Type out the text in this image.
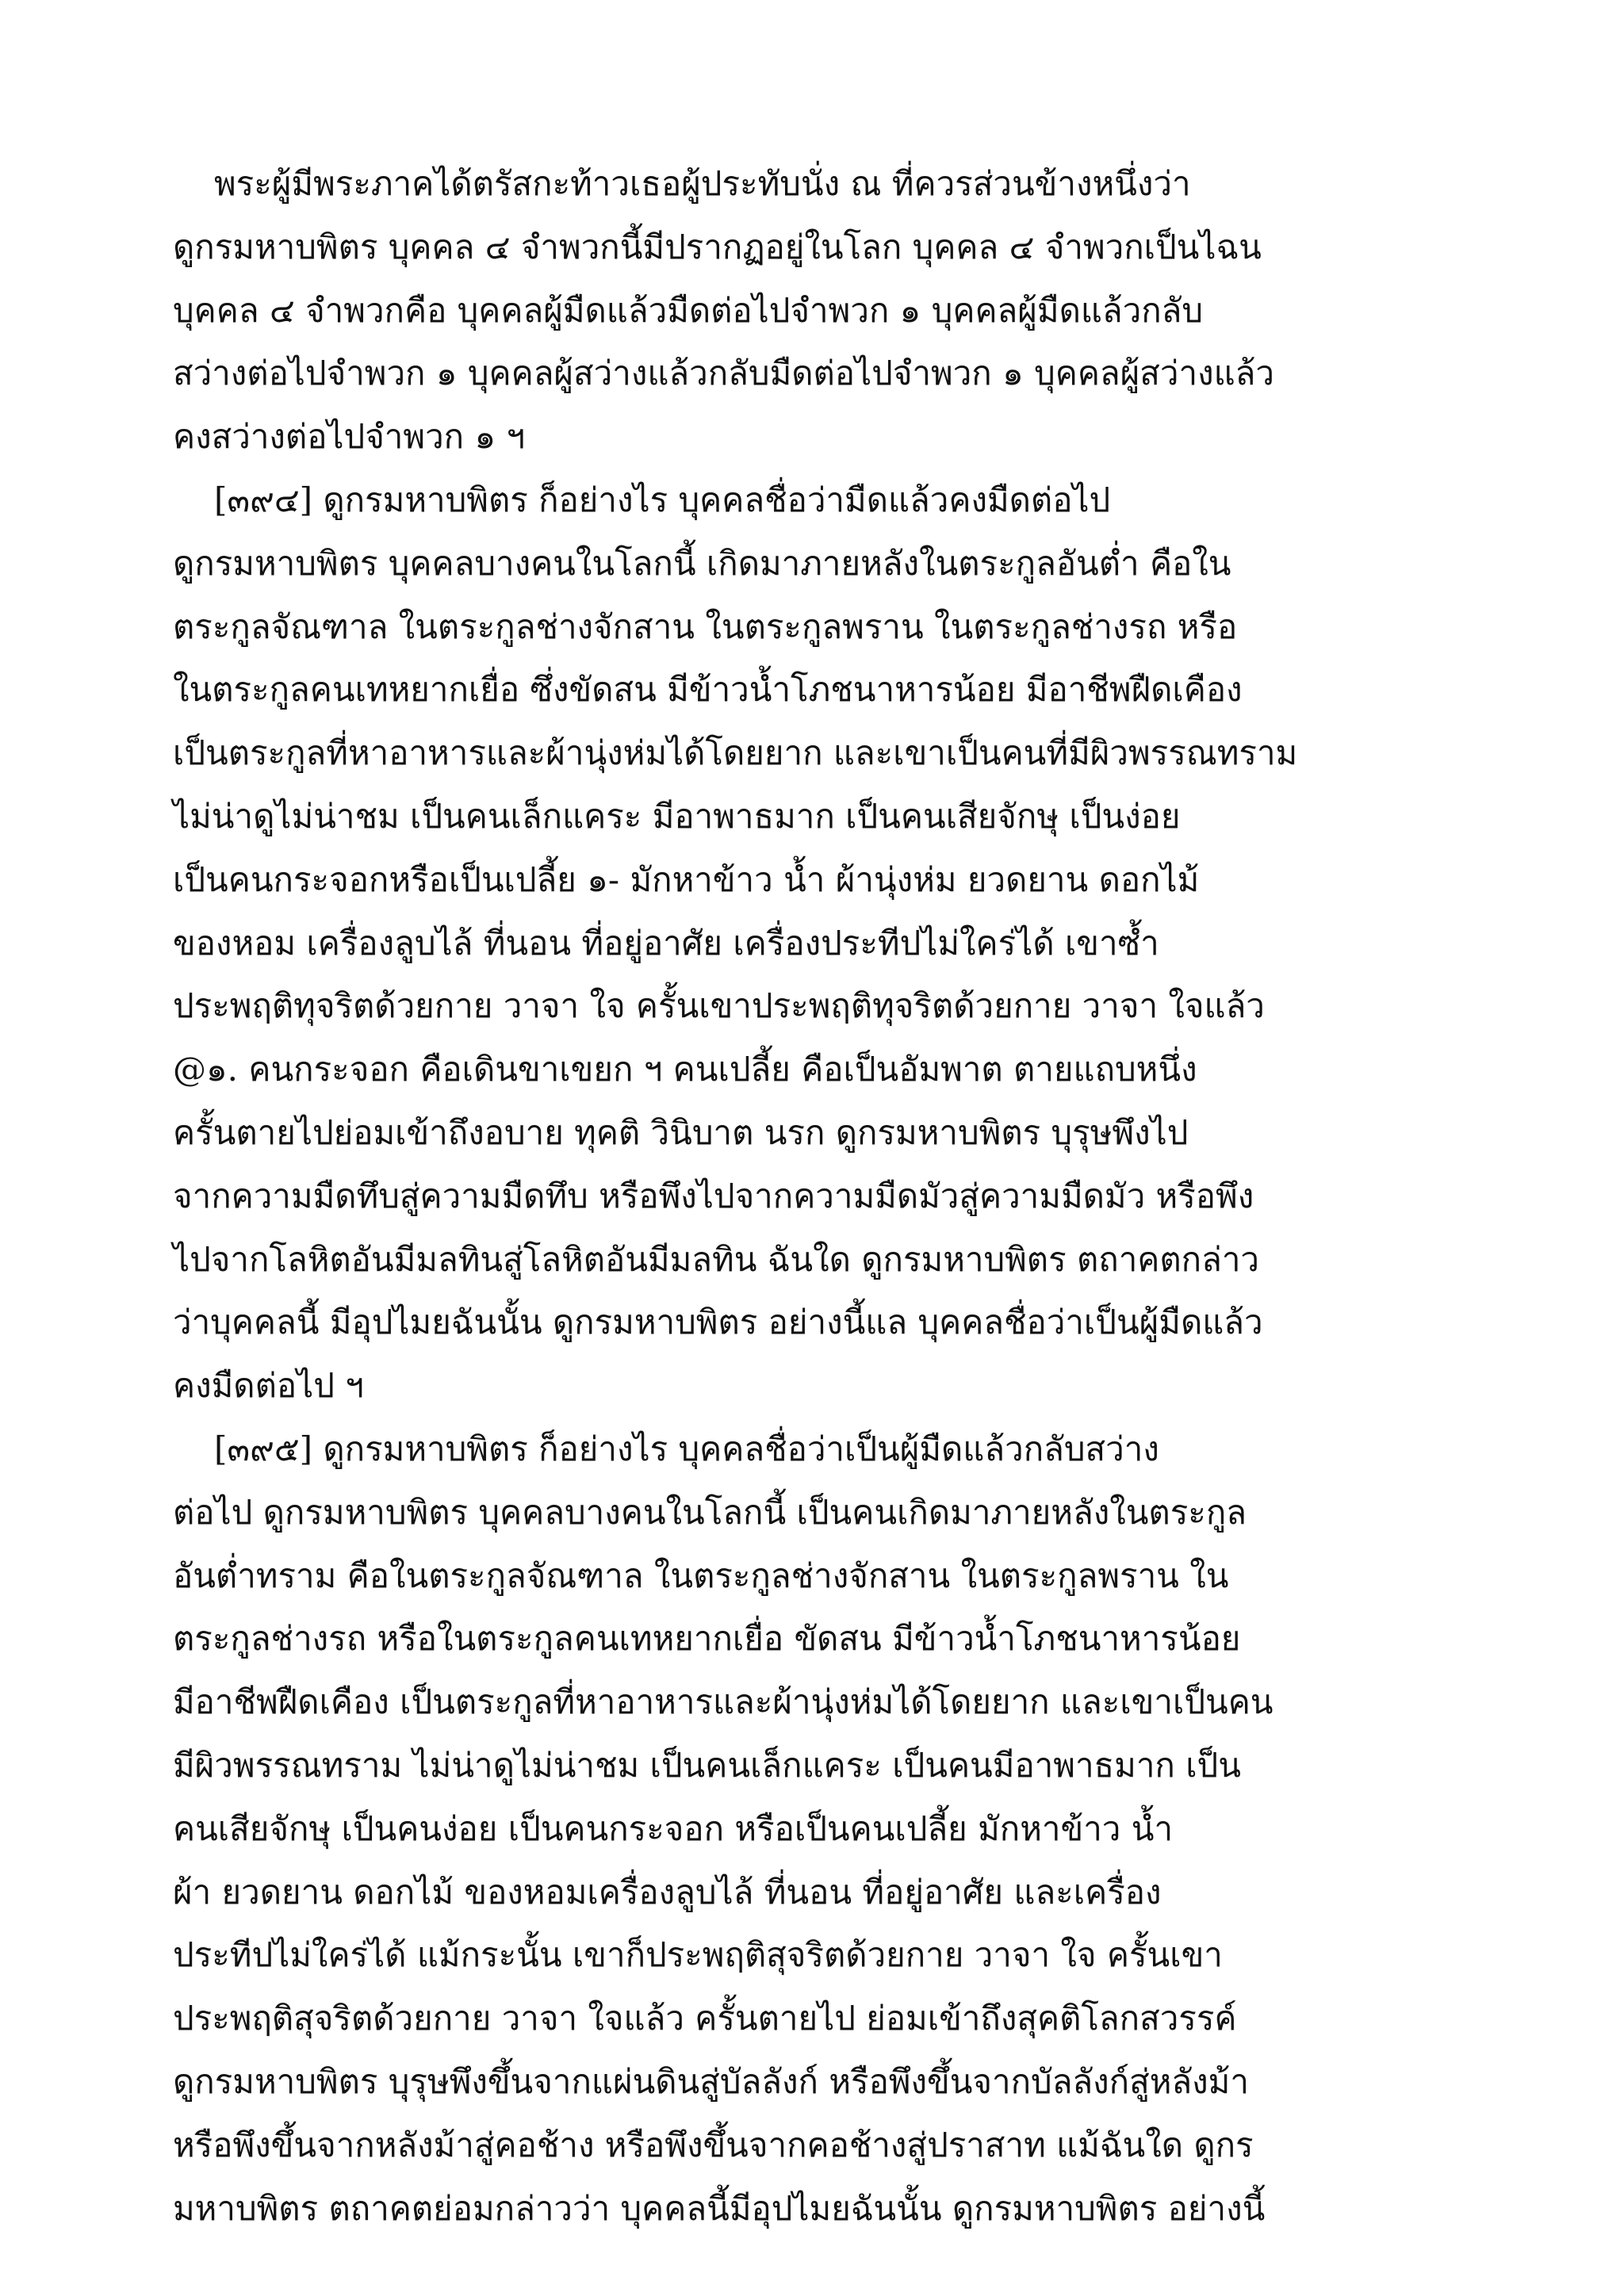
พระผู้มีพระภาคได้ตรัสกะท้าวเธอผู้ประทับนั่ง ณ ที่ควรส่วนข้างหนึ่งว่า
ดูกรมหาบพิตร บุคคล ๔ จำพวกนี้มีปรากฏอยู่ในโลก บุคคล ๔ จำพวกเป็นไฉน
บุคคล ๔ จำพวกคือ บุคคลผู้มืดแล้วมืดต่อไปจำพวก ๑ บุคคลผู้มืดแล้วกลับ
สว่างต่อไปจำพวก ๑ บุคคลผู้สว่างแล้วกลับมืดต่อไปจำพวก ๑ บุคคลผู้สว่างแล้ว
คงสว่างต่อไปจำพวก ๑ ฯ
[๓๙๔] ดูกรมหาบพิตร ก็อย่างไร บุคคลชื่อว่ามืดแล้วคงมืดต่อไป
ดูกรมหาบพิตร บุคคลบางคนในโลกนี้ เกิดมาภายหลังในตระกูลอันต่ำ คือใน
ตระกูลจัณฑาล ในตระกูลช่างจักสาน ในตระกูลพราน ในตระกูลช่างรถ หรือ
ในตระกูลคนเทหยากเยื่อ ซึ่งขัดสน มีข้าวน้ำโภชนาหารน้อย มีอาชีพฝืดเคือง
เป็นตระกูลที่หาอาหารและผ้านุ่งห่มได้โดยยาก และเขาเป็นคนที่มีผิวพรรณทราม
ไม่น่าดูไม่น่าชม เป็นคนเล็กแคระ มีอาพาธมาก เป็นคนเสียจักษุ เป็นง่อย
เป็นคนกระจอกหรือเป็นเปลี้ย ๑- มักหาข้าว น้ำ ผ้านุ่งห่ม ยวดยาน ดอกไม้
ของหอม เครื่องลูบไล้ ที่นอน ที่อยู่อาศัย เครื่องประทีปไม่ใคร่ได้ เขาซ้ำ
ประพฤติทุจริตด้วยกาย วาจา ใจ ครั้นเขาประพฤติทุจริตด้วยกาย วาจา ใจแล้ว
@๑. คนกระจอก คือเดินขาเขยก ฯ คนเปลี้ย คือเป็นอัมพาต ตายแถบหนึ่ง
ครั้นตายไปย่อมเข้าถึงอบาย ทุคติ วินิบาต นรก ดูกรมหาบพิตร บุรุษพึงไป
จากความมืดทึบสู่ความมืดทึบ หรือพึงไปจากความมืดมัวสู่ความมืดมัว หรือพึง
ไปจากโลหิตอันมีมลทินสู่โลหิตอันมีมลทิน ฉันใด ดูกรมหาบพิตร ตถาคตกล่าว
ว่าบุคคลนี้ มีอุปไมยฉันนั้น ดูกรมหาบพิตร อย่างนี้แล บุคคลชื่อว่าเป็นผู้มืดแล้ว
คงมืดต่อไป ฯ
[๓๙๕] ดูกรมหาบพิตร ก็อย่างไร บุคคลชื่อว่าเป็นผู้มืดแล้วกลับสว่าง
ต่อไป ดูกรมหาบพิตร บุคคลบางคนในโลกนี้ เป็นคนเกิดมาภายหลังในตระกูล
อันต่ำทราม คือในตระกูลจัณฑาล ในตระกูลช่างจักสาน ในตระกูลพราน ใน
ตระกูลช่างรถ หรือในตระกูลคนเทหยากเยื่อ ขัดสน มีข้าวน้ำโภชนาหารน้อย
มีอาชีพฝืดเคือง เป็นตระกูลที่หาอาหารและผ้านุ่งห่มได้โดยยาก และเขาเป็นคน
มีผิวพรรณทราม ไม่น่าดูไม่น่าชม เป็นคนเล็กแคระ เป็นคนมีอาพาธมาก เป็น
คนเสียจักษุ เป็นคนง่อย เป็นคนกระจอก หรือเป็นคนเปลี้ย มักหาข้าว น้ำ
ผ้า ยวดยาน ดอกไม้ ของหอมเครื่องลูบไล้ ที่นอน ที่อยู่อาศัย และเครื่อง
ประทีปไม่ใคร่ได้ แม้กระนั้น เขาก็ประพฤติสุจริตด้วยกาย วาจา ใจ ครั้นเขา
ประพฤติสุจริตด้วยกาย วาจา ใจแล้ว ครั้นตายไป ย่อมเข้าถึงสุคติโลกสวรรค์
ดูกรมหาบพิตร บุรุษพึงขึ้นจากแผ่นดินสู่บัลลังก์ หรือพึงขึ้นจากบัลลังก์สู่หลังม้า
หรือพึงขึ้นจากหลังม้าสู่คอช้าง หรือพึงขึ้นจากคอช้างสู่ปราสาท แม้ฉันใด ดูกร
มหาบพิตร ตถาคตย่อมกล่าวว่า บุคคลนี้มีอุปไมยฉันนั้น ดูกรมหาบพิตร อย่างนี้
